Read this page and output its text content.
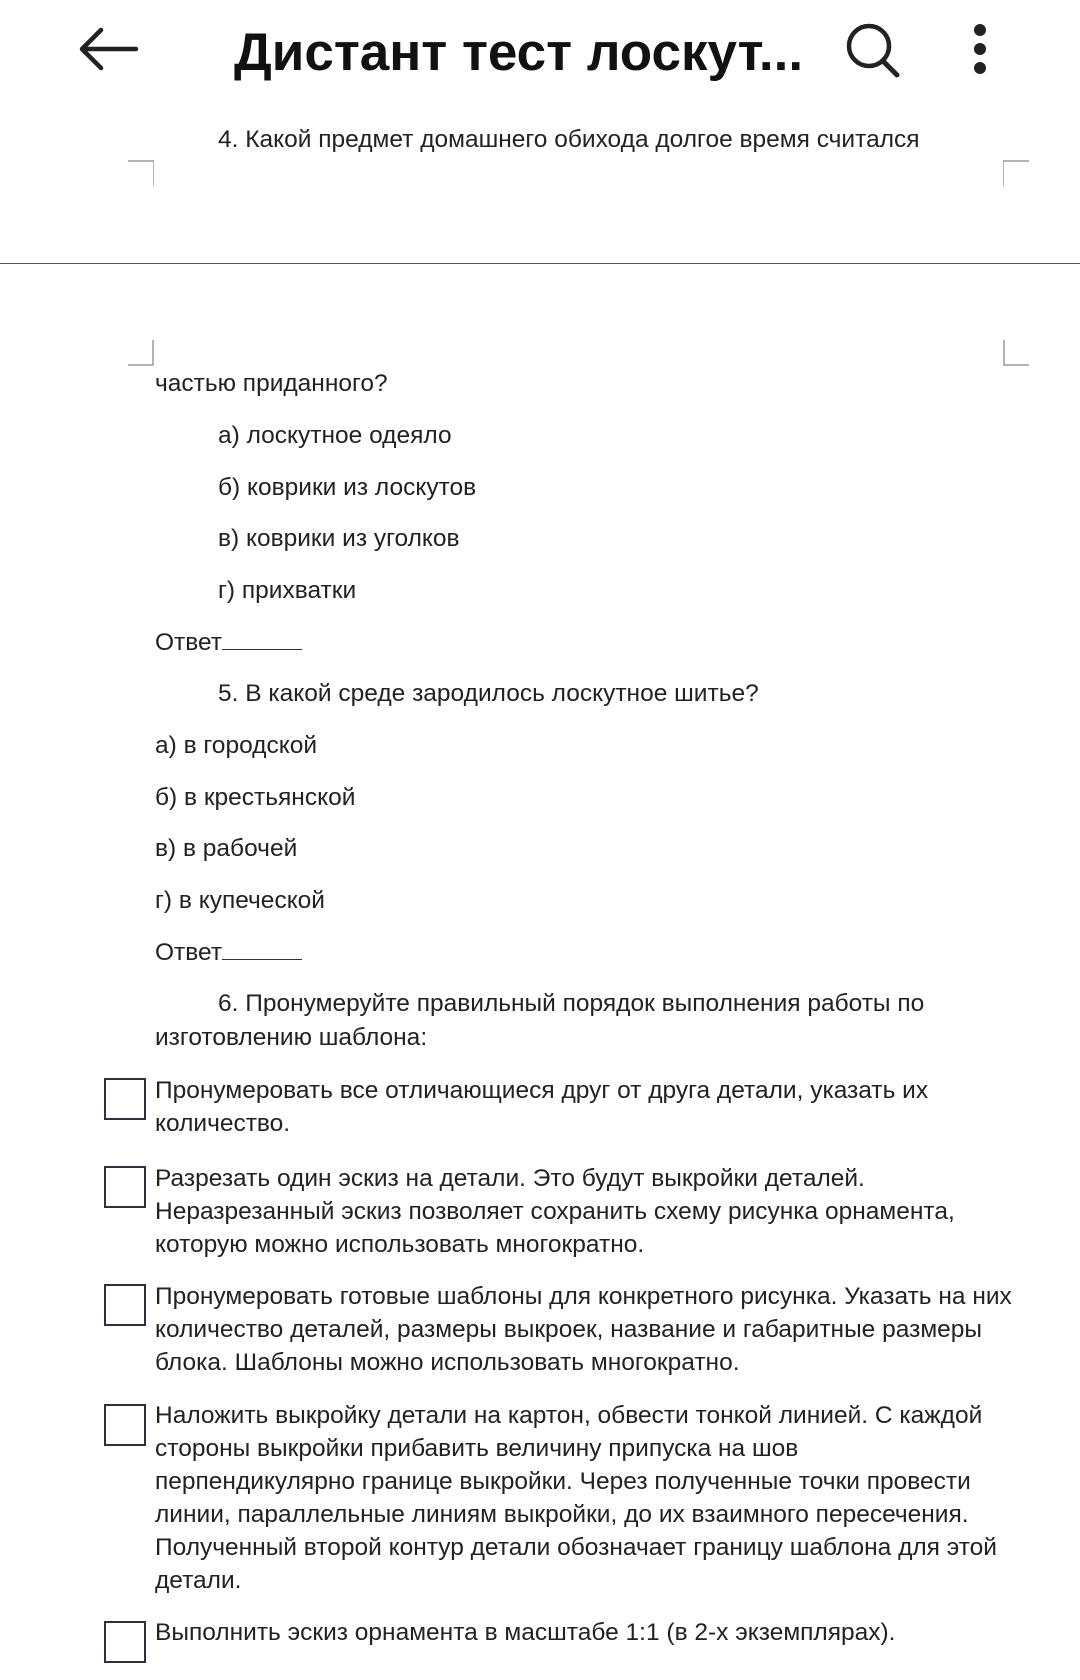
4. Какой предмет домашнего обихода долгое время считался
частью приданного?
а) лоскутное одеяло
б) коврики из лоскутов
в) коврики из уголков
г) прихватки
Ответ
5. В какой среде зародилось лоскутное шитье?
а) в городской
б) в крестьянской
в) в рабочей
г) в купеческой
Ответ
6. Пронумеруйте правильный порядок выполнения работы по
изготовлению шаблона:
Пронумеровать все отличающиеся друг от друга детали, указать их количество.
Разрезать один эскиз на детали. Это будут выкройки деталей. Неразрезанный эскиз позволяет сохранить схему рисунка орнамента, которую можно использовать многократно.
Пронумеровать готовые шаблоны для конкретного рисунка. Указать на них количество деталей, размеры выкроек, название и габаритные размеры блока. Шаблоны можно использовать многократно.
Наложить выкройку детали на картон, обвести тонкой линией. С каждой стороны выкройки прибавить величину припуска на шов перпендикулярно границе выкройки. Через полученные точки провести линии, параллельные линиям выкройки, до их взаимного пересечения. Полученный второй контур детали обозначает границу шаблона для этой детали.
Выполнить эскиз орнамента в масштабе 1:1 (в 2-х экземплярах).
Дистант тест лоскут...
